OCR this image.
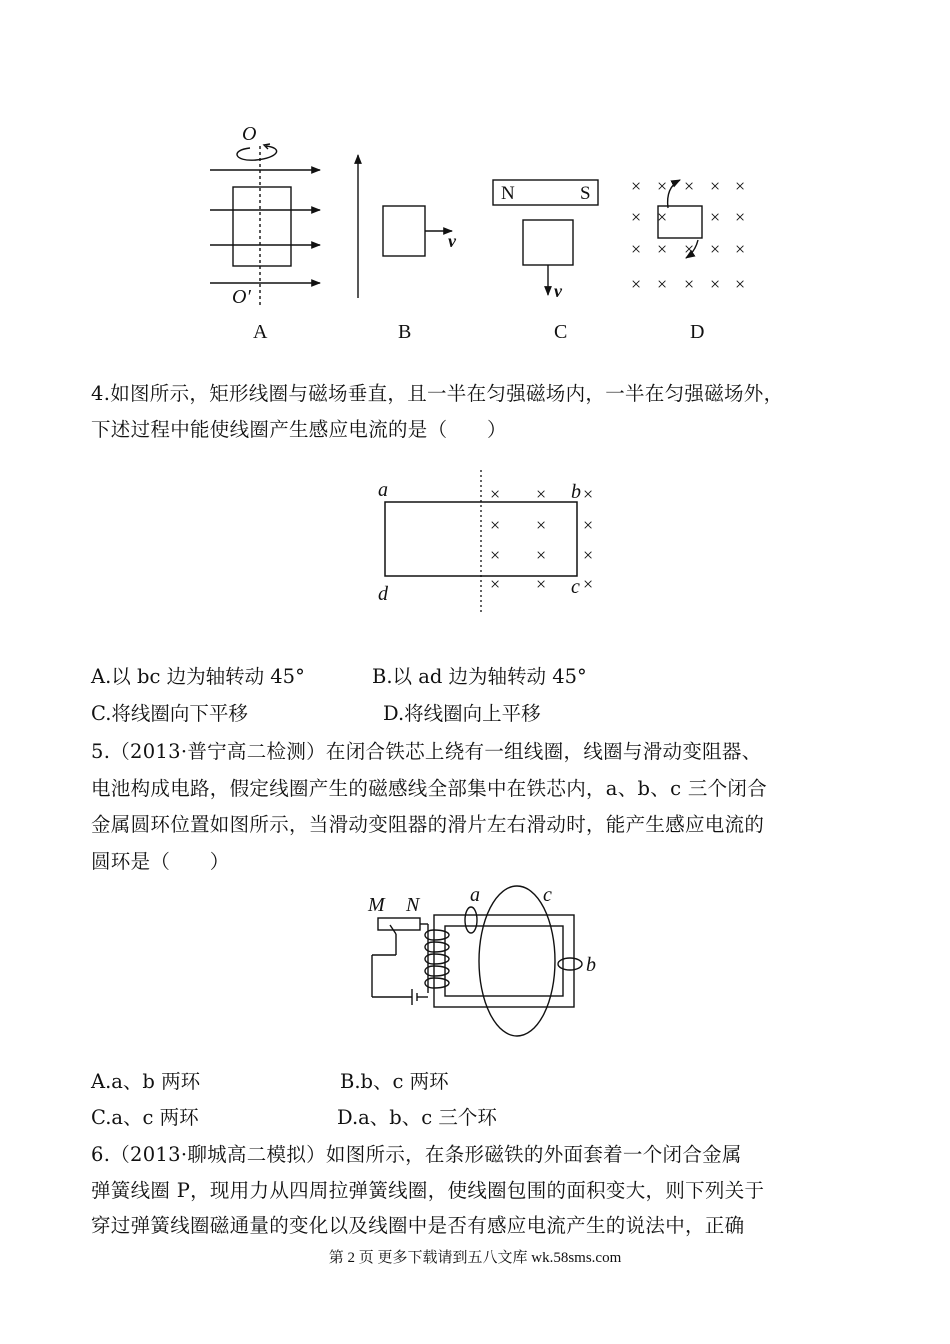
O
O′
v
N	S
v
× × × × ×
× × × ×
× × × × ×
× × × × ×
A	B	C	D
4.如图所示，矩形线圈与磁场垂直，且一半在匀强磁场内，一半在匀强磁场外，
下述过程中能使线圈产生感应电流的是（　　）
a
d
b
c
× × ×
× × ×
× × ×
× × ×
A.以 bc 边为轴转动 45°	B.以 ad 边为轴转动 45°
C.将线圈向下平移	D.将线圈向上平移
5.（2013·普宁高二检测）在闭合铁芯上绕有一组线圈，线圈与滑动变阻器、
电池构成电路，假定线圈产生的磁感线全部集中在铁芯内，a、b、c 三个闭合
金属圆环位置如图所示，当滑动变阻器的滑片左右滑动时，能产生感应电流的
圆环是（　　）
M N	a	c
b
A.a、b 两环	B.b、c 两环
C.a、c 两环	D.a、b、c 三个环
6.（2013·聊城高二模拟）如图所示，在条形磁铁的外面套着一个闭合金属
弹簧线圈 P，现用力从四周拉弹簧线圈，使线圈包围的面积变大，则下列关于
穿过弹簧线圈磁通量的变化以及线圈中是否有感应电流产生的说法中，正确
第 2 页 更多下载请到五八文库 wk.58sms.com
